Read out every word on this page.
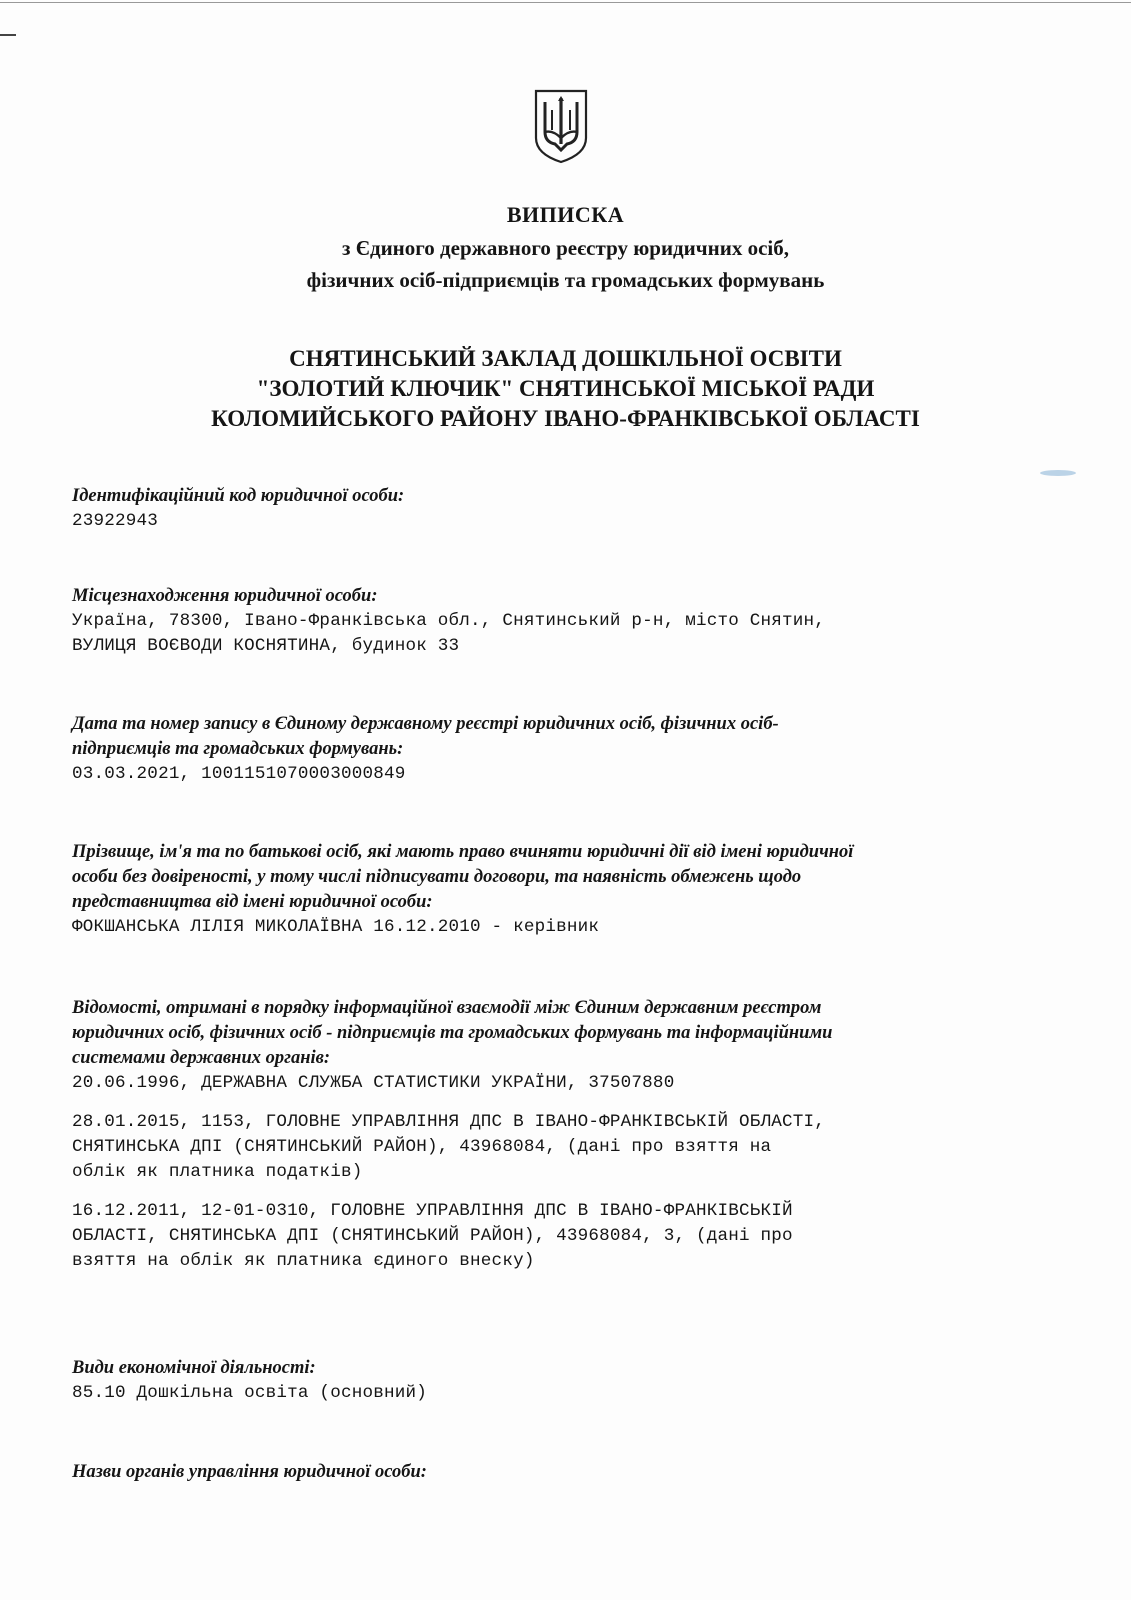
ВИПИСКА
з Єдиного державного реєстру юридичних осіб,
фізичних осіб-підприємців та громадських формувань
СНЯТИНСЬКИЙ ЗАКЛАД ДОШКІЛЬНОЇ ОСВІТИ
"ЗОЛОТИЙ КЛЮЧИК" СНЯТИНСЬКОЇ МІСЬКОЇ РАДИ
КОЛОМИЙСЬКОГО РАЙОНУ ІВАНО-ФРАНКІВСЬКОЇ ОБЛАСТІ
Ідентифікаційний код юридичної особи:
23922943
Місцезнаходження юридичної особи:
Україна, 78300, Івано-Франківська обл., Снятинський р-н, місто Снятин,
ВУЛИЦЯ ВОЄВОДИ КОСНЯТИНА, будинок 33
Дата та номер запису в Єдиному державному реєстрі юридичних осіб, фізичних осіб-
підприємців та громадських формувань:
03.03.2021, 1001151070003000849
Прізвище, ім'я та по батькові осіб, які мають право вчиняти юридичні дії від імені юридичної
особи без довіреності, у тому числі підписувати договори, та наявність обмежень щодо
представництва від імені юридичної особи:
ФОКШАНСЬКА ЛІЛІЯ МИКОЛАЇВНА 16.12.2010 - керівник
Відомості, отримані в порядку інформаційної взаємодії між Єдиним державним реєстром
юридичних осіб, фізичних осіб - підприємців та громадських формувань та інформаційними
системами державних органів:
20.06.1996, ДЕРЖАВНА СЛУЖБА СТАТИСТИКИ УКРАЇНИ, 37507880
28.01.2015, 1153, ГОЛОВНЕ УПРАВЛІННЯ ДПС В ІВАНО-ФРАНКІВСЬКІЙ ОБЛАСТІ,
СНЯТИНСЬКА ДПІ (СНЯТИНСЬКИЙ РАЙОН), 43968084, (дані про взяття на
облік як платника податків)
16.12.2011, 12-01-0310, ГОЛОВНЕ УПРАВЛІННЯ ДПС В ІВАНО-ФРАНКІВСЬКІЙ
ОБЛАСТІ, СНЯТИНСЬКА ДПІ (СНЯТИНСЬКИЙ РАЙОН), 43968084, 3, (дані про
взяття на облік як платника єдиного внеску)
Види економічної діяльності:
85.10 Дошкільна освіта (основний)
Назви органів управління юридичної особи:
